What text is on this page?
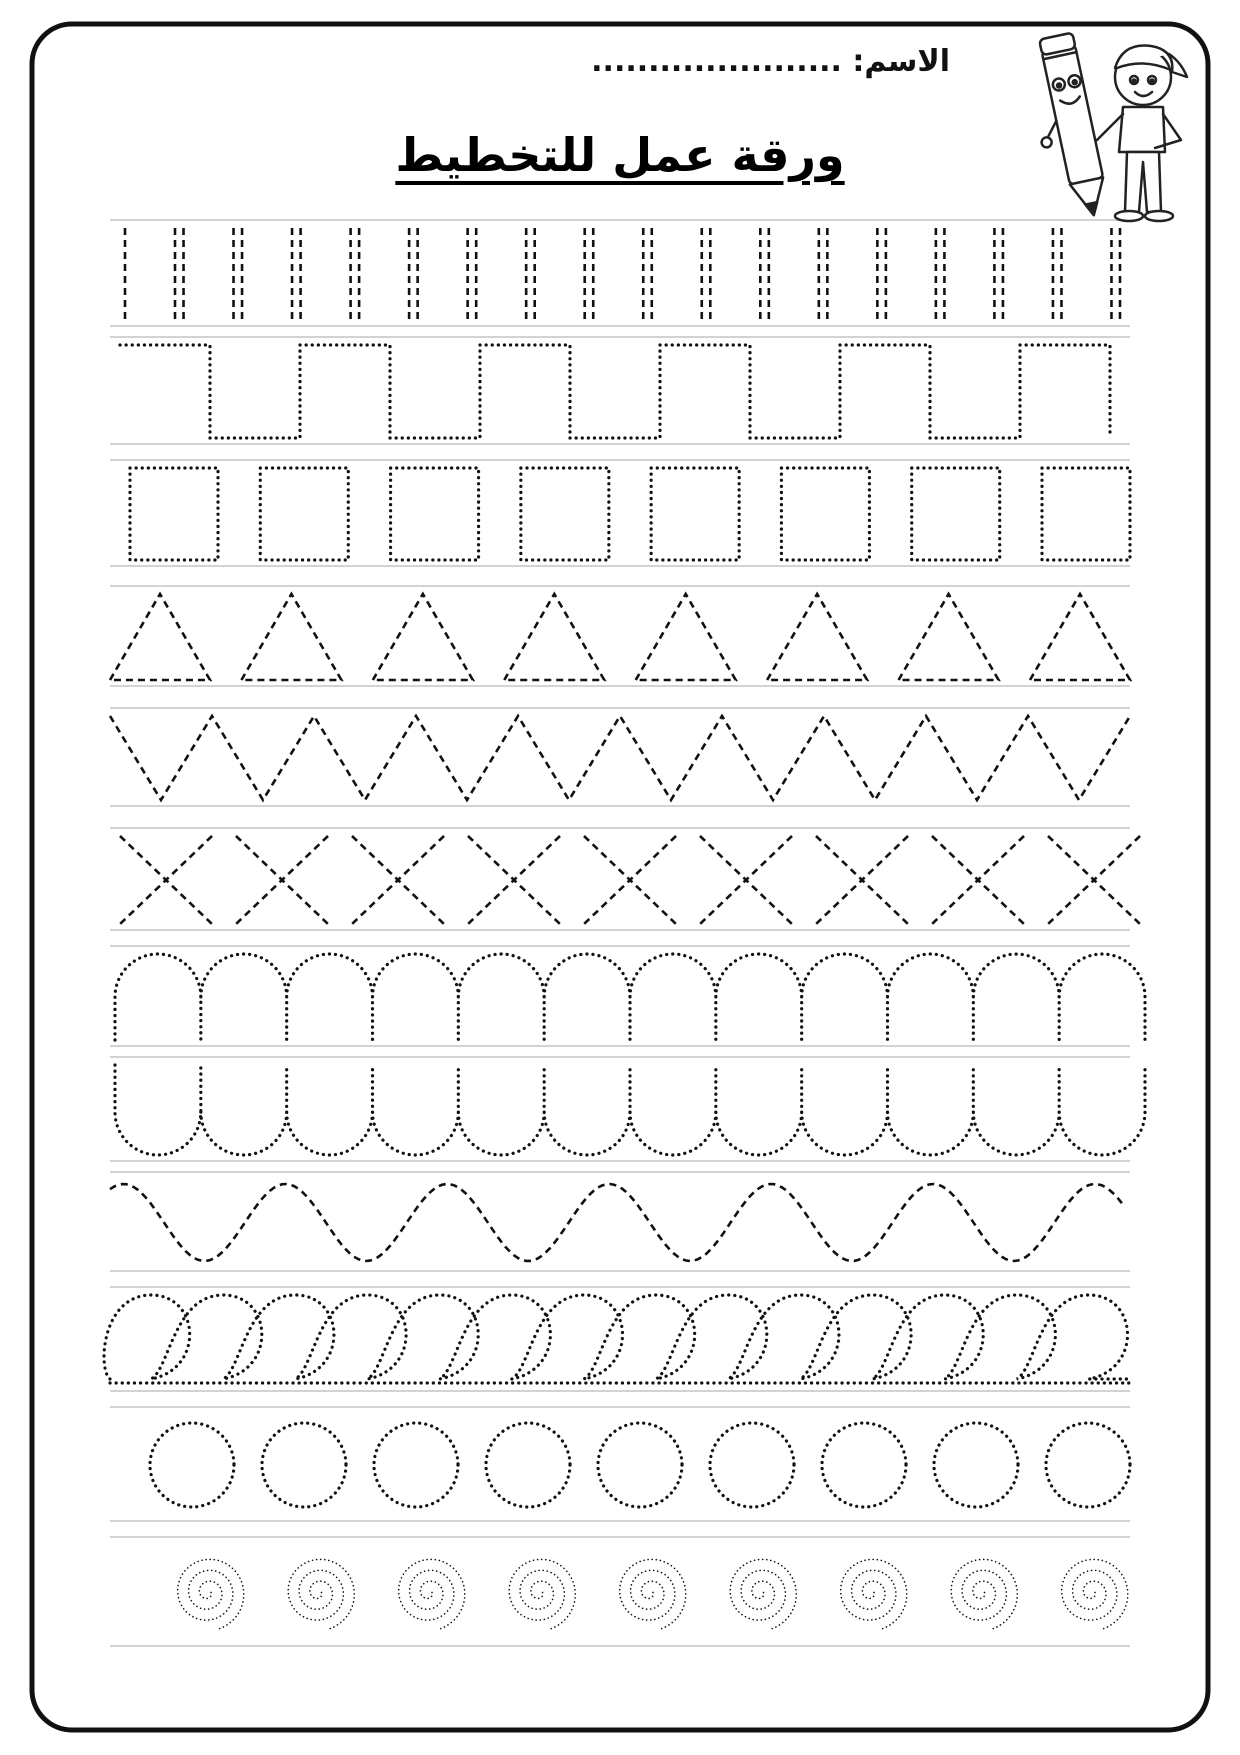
الاسم: ......................
ورقة عمل للتخطيط
